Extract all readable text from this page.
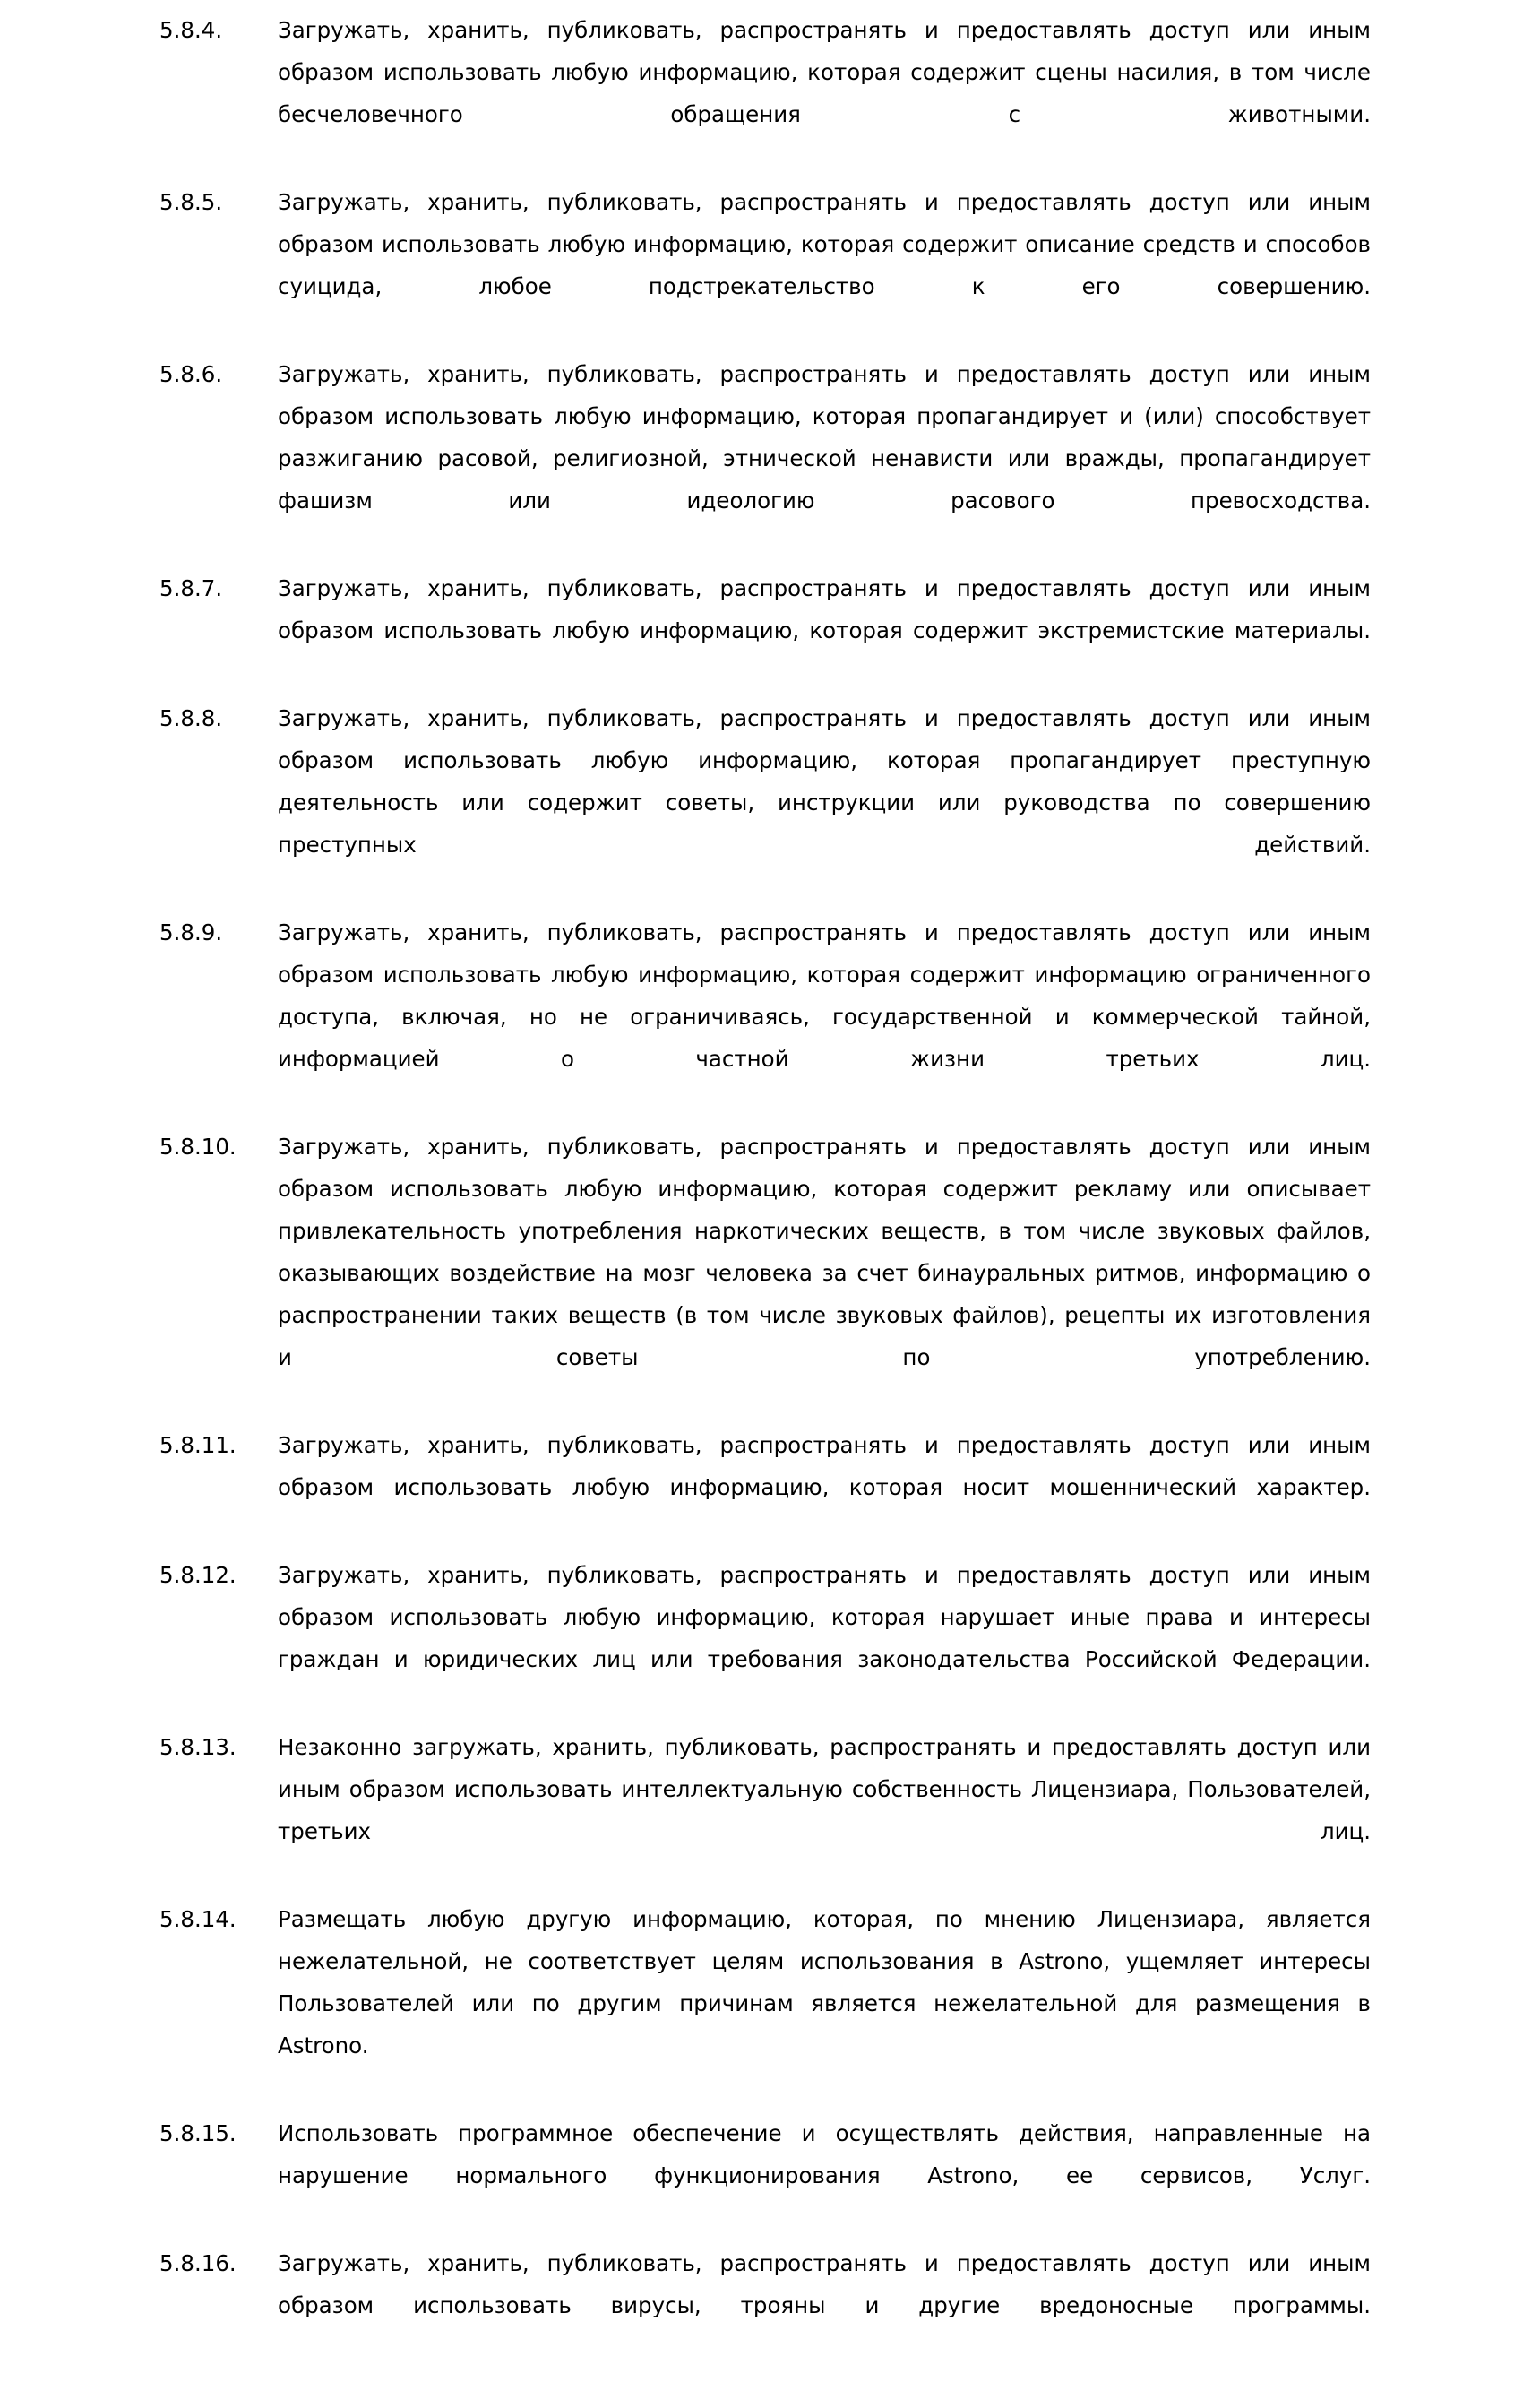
5.8.4.	Загружать, хранить, публиковать, распространять и предоставлять доступ или иным образом использовать любую информацию, которая содержит сцены насилия, в том числе бесчеловечного обращения с животными.
5.8.5.	Загружать, хранить, публиковать, распространять и предоставлять доступ или иным образом использовать любую информацию, которая содержит описание средств и способов суицида, любое подстрекательство к его совершению.
5.8.6.	Загружать, хранить, публиковать, распространять и предоставлять доступ или иным образом использовать любую информацию, которая пропагандирует и (или) способствует разжиганию расовой, религиозной, этнической ненависти или вражды, пропагандирует фашизм или идеологию расового превосходства.
5.8.7.	Загружать, хранить, публиковать, распространять и предоставлять доступ или иным образом использовать любую информацию, которая содержит экстремистские материалы.
5.8.8.	Загружать, хранить, публиковать, распространять и предоставлять доступ или иным образом использовать любую информацию, которая пропагандирует преступную деятельность или содержит советы, инструкции или руководства по совершению преступных действий.
5.8.9.	Загружать, хранить, публиковать, распространять и предоставлять доступ или иным образом использовать любую информацию, которая содержит информацию ограниченного доступа, включая, но не ограничиваясь, государственной и коммерческой тайной, информацией о частной жизни третьих лиц.
5.8.10.	Загружать, хранить, публиковать, распространять и предоставлять доступ или иным образом использовать любую информацию, которая содержит рекламу или описывает привлекательность употребления наркотических веществ, в том числе звуковых файлов, оказывающих воздействие на мозг человека за счет бинауральных ритмов, информацию о распространении таких веществ (в том числе звуковых файлов), рецепты их изготовления и советы по употреблению.
5.8.11.	Загружать, хранить, публиковать, распространять и предоставлять доступ или иным образом использовать любую информацию, которая носит мошеннический характер.
5.8.12.	Загружать, хранить, публиковать, распространять и предоставлять доступ или иным образом использовать любую информацию, которая нарушает иные права и интересы граждан и юридических лиц или требования законодательства Российской Федерации.
5.8.13.	Незаконно загружать, хранить, публиковать, распространять и предоставлять доступ или иным образом использовать интеллектуальную собственность Лицензиара, Пользователей, третьих лиц.
5.8.14.	Размещать любую другую информацию, которая, по мнению Лицензиара, является нежелательной, не соответствует целям использования в Astrono, ущемляет интересы Пользователей или по другим причинам является нежелательной для размещения в Astrono.
5.8.15.	Использовать программное обеспечение и осуществлять действия, направленные на нарушение нормального функционирования Astrono, ее сервисов, Услуг.
5.8.16.	Загружать, хранить, публиковать, распространять и предоставлять доступ или иным образом использовать вирусы, трояны и другие вредоносные программы.
